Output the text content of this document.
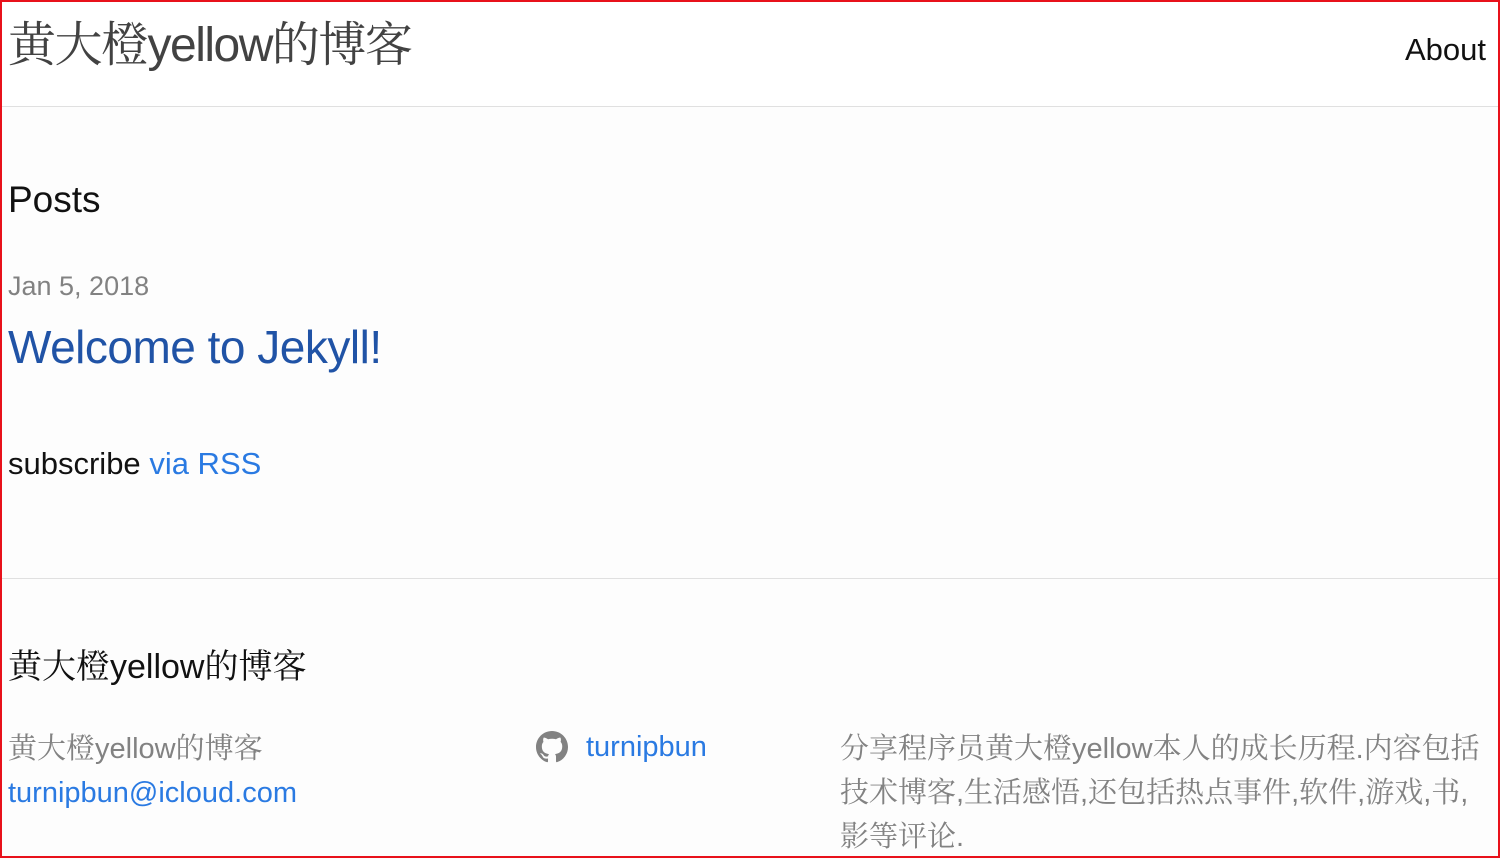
黄大橙yellow的博客	About
Posts
Jan 5, 2018
Welcome to Jekyll!

subscribe via RSS

黄大橙yellow的博客
黄大橙yellow的博客
turnipbun@icloud.com
turnipbun	分享程序员黄大橙yellow本人的成长历程.内容包括技术博客,生活感悟,还包括热点事件,软件,游戏,书,影等评论.
